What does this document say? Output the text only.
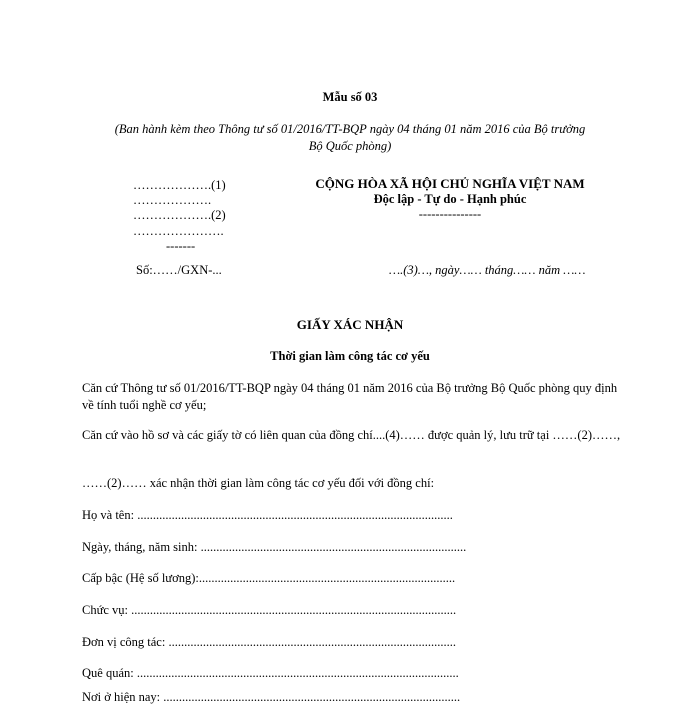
Mẫu số 03
(Ban hành kèm theo Thông tư số 01/2016/TT-BQP ngày 04 tháng 01 năm 2016 của Bộ trưởng
Bộ Quốc phòng)
……………….(1)
……………….
……………….(2)
………………….
-------
Số:……/GXN-...
CỘNG HÒA XÃ HỘI CHỦ NGHĨA VIỆT NAM
Độc lập - Tự do - Hạnh phúc
---------------
….(3)…, ngày…… tháng…… năm ……
GIẤY XÁC NHẬN
Thời gian làm công tác cơ yếu
Căn cứ Thông tư số 01/2016/TT-BQP ngày 04 tháng 01 năm 2016 của Bộ trưởng Bộ Quốc phòng quy định về tính tuổi nghề cơ yếu;
Căn cứ vào hồ sơ và các giấy tờ có liên quan của đồng chí....(4)…… được quản lý, lưu trữ tại ……(2)……,
……(2)…… xác nhận thời gian làm công tác cơ yếu đối với đồng chí:
Họ và tên: .....................................................................................................
Ngày, tháng, năm sinh: .....................................................................................
Cấp bậc (Hệ số lương):..................................................................................
Chức vụ: ........................................................................................................
Đơn vị công tác: ............................................................................................
Quê quán: .......................................................................................................
Nơi ở hiện nay: ...............................................................................................
